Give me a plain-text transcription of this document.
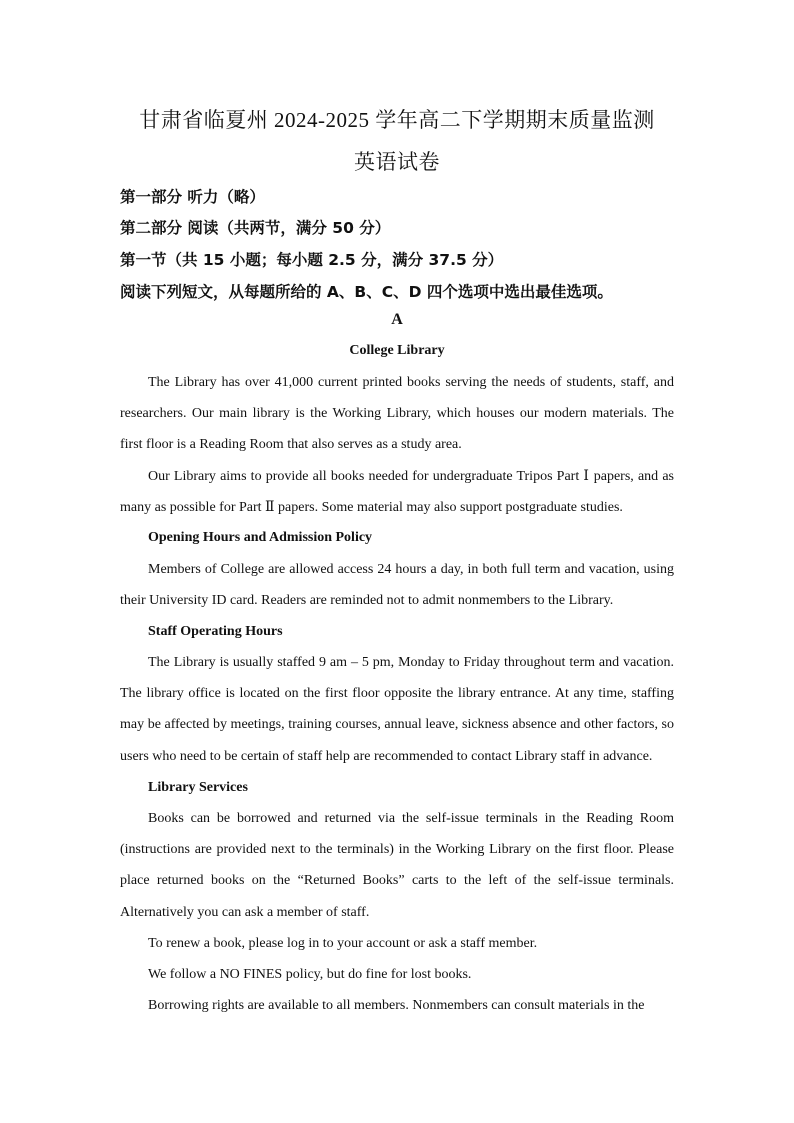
甘肃省临夏州 2024-2025 学年高二下学期期末质量监测
英语试卷
第一部分 听力（略）
第二部分 阅读（共两节，满分 50 分）
第一节（共 15 小题；每小题 2.5 分，满分 37.5 分）
阅读下列短文，从每题所给的 A、B、C、D 四个选项中选出最佳选项。
A
College Library

The Library has over 41,000 current printed books serving the needs of students, staff, and researchers. Our main library is the Working Library, which houses our modern materials. The first floor is a Reading Room that also serves as a study area.

Our Library aims to provide all books needed for undergraduate Tripos Part Ⅰ papers, and as many as possible for Part Ⅱ papers. Some material may also support postgraduate studies.

Opening Hours and Admission Policy

Members of College are allowed access 24 hours a day, in both full term and vacation, using their University ID card. Readers are reminded not to admit nonmembers to the Library.

Staff Operating Hours

The Library is usually staffed 9 am – 5 pm, Monday to Friday throughout term and vacation. The library office is located on the first floor opposite the library entrance. At any time, staffing may be affected by meetings, training courses, annual leave, sickness absence and other factors, so users who need to be certain of staff help are recommended to contact Library staff in advance.

Library Services

Books can be borrowed and returned via the self-issue terminals in the Reading Room (instructions are provided next to the terminals) in the Working Library on the first floor. Please place returned books on the “Returned Books” carts to the left of the self-issue terminals. Alternatively you can ask a member of staff.

To renew a book, please log in to your account or ask a staff member.

We follow a NO FINES policy, but do fine for lost books.

Borrowing rights are available to all members. Nonmembers can consult materials in the
